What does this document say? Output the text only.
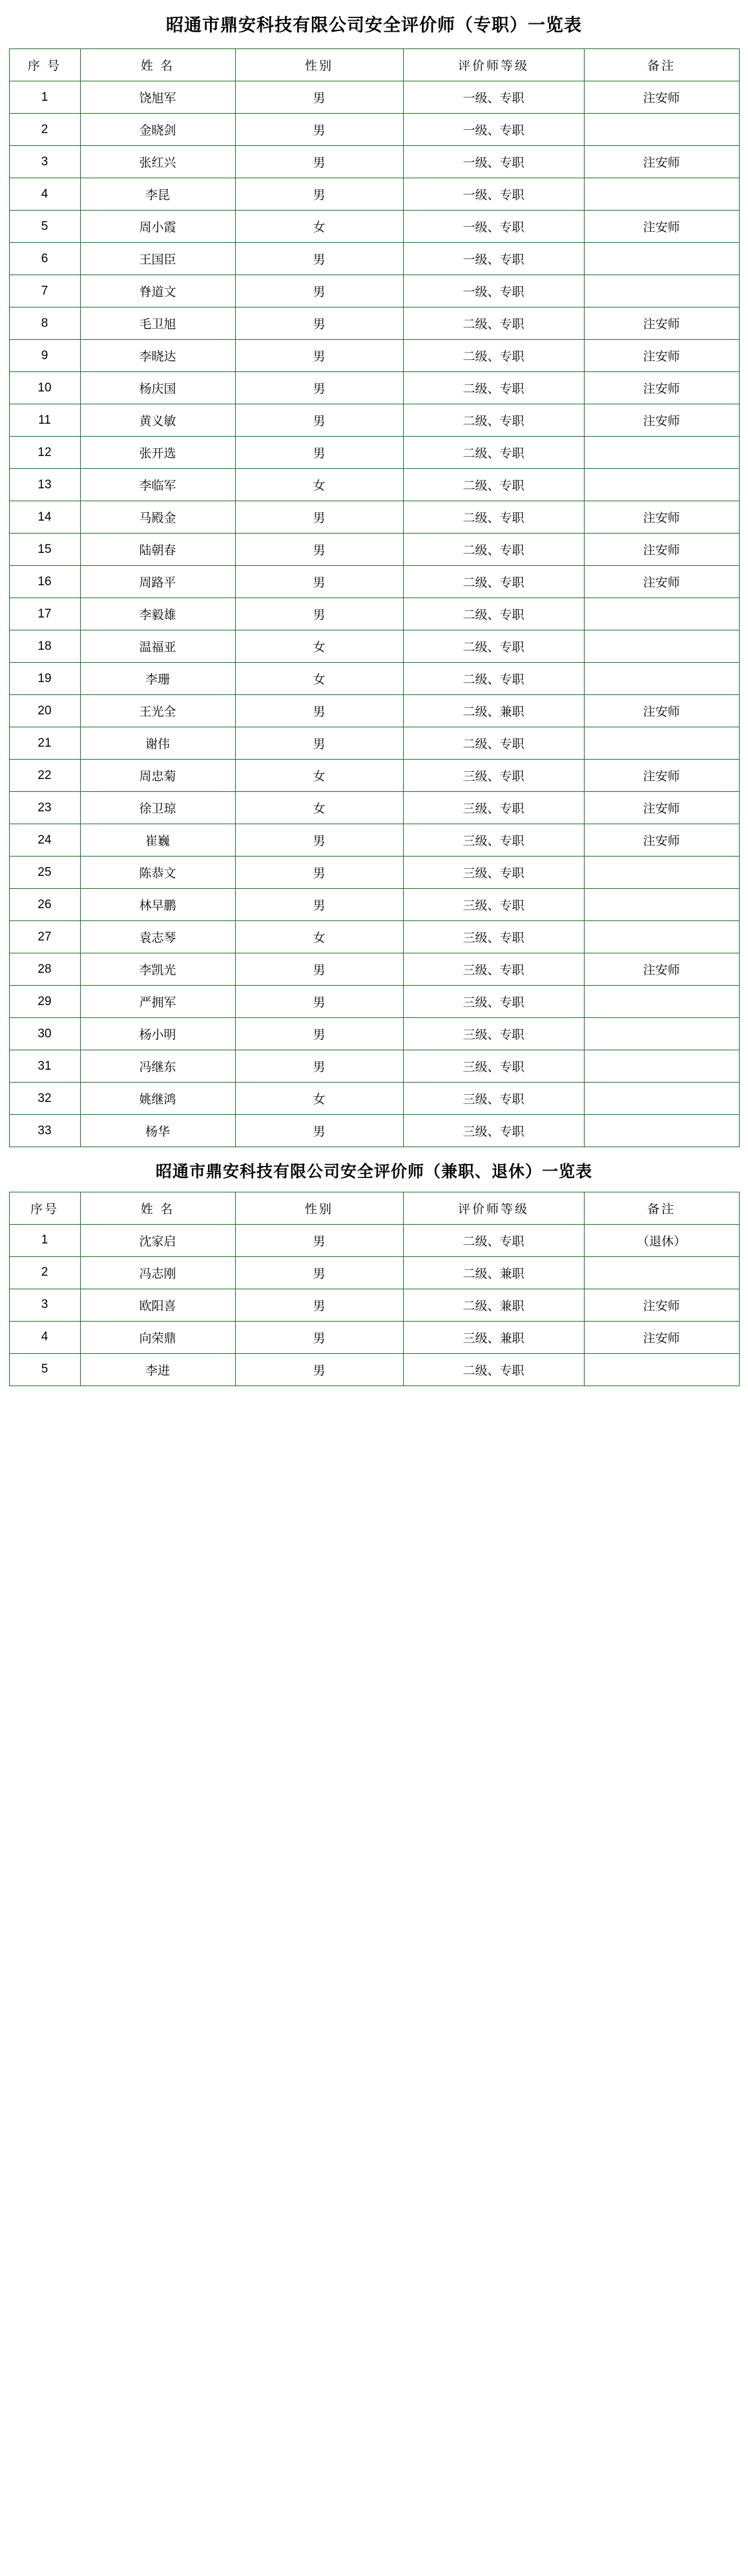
昭通市鼎安科技有限公司安全评价师（专职）一览表
序 号	姓 名	性别	评价师等级	备注
1	饶旭军	男	一级、专职	注安师
2	金晓剑	男	一级、专职	
3	张红兴	男	一级、专职	注安师
4	李昆	男	一级、专职	
5	周小霞	女	一级、专职	注安师
6	王国臣	男	一级、专职	
7	脊道文	男	一级、专职	
8	毛卫旭	男	二级、专职	注安师
9	李晓达	男	二级、专职	注安师
10	杨庆国	男	二级、专职	注安师
11	黄义敏	男	二级、专职	注安师
12	张开选	男	二级、专职	
13	李临军	女	二级、专职	
14	马殿金	男	二级、专职	注安师
15	陆朝春	男	二级、专职	注安师
16	周路平	男	二级、专职	注安师
17	李毅雄	男	二级、专职	
18	温福亚	女	二级、专职	
19	李珊	女	二级、专职	
20	王光全	男	二级、兼职	注安师
21	谢伟	男	二级、专职	
22	周忠菊	女	三级、专职	注安师
23	徐卫琼	女	三级、专职	注安师
24	崔巍	男	三级、专职	注安师
25	陈恭文	男	三级、专职	
26	林早鹏	男	三级、专职	
27	袁志琴	女	三级、专职	
28	李凯光	男	三级、专职	注安师
29	严拥军	男	三级、专职	
30	杨小明	男	三级、专职	
31	冯继东	男	三级、专职	
32	姚继鸿	女	三级、专职	
33	杨华	男	三级、专职	
昭通市鼎安科技有限公司安全评价师（兼职、退休）一览表
序号	姓 名	性别	评价师等级	备注
1	沈家启	男	二级、专职	（退休）
2	冯志刚	男	二级、兼职	
3	欧阳喜	男	二级、兼职	注安师
4	向荣鼎	男	三级、兼职	注安师
5	李进	男	二级、专职	
